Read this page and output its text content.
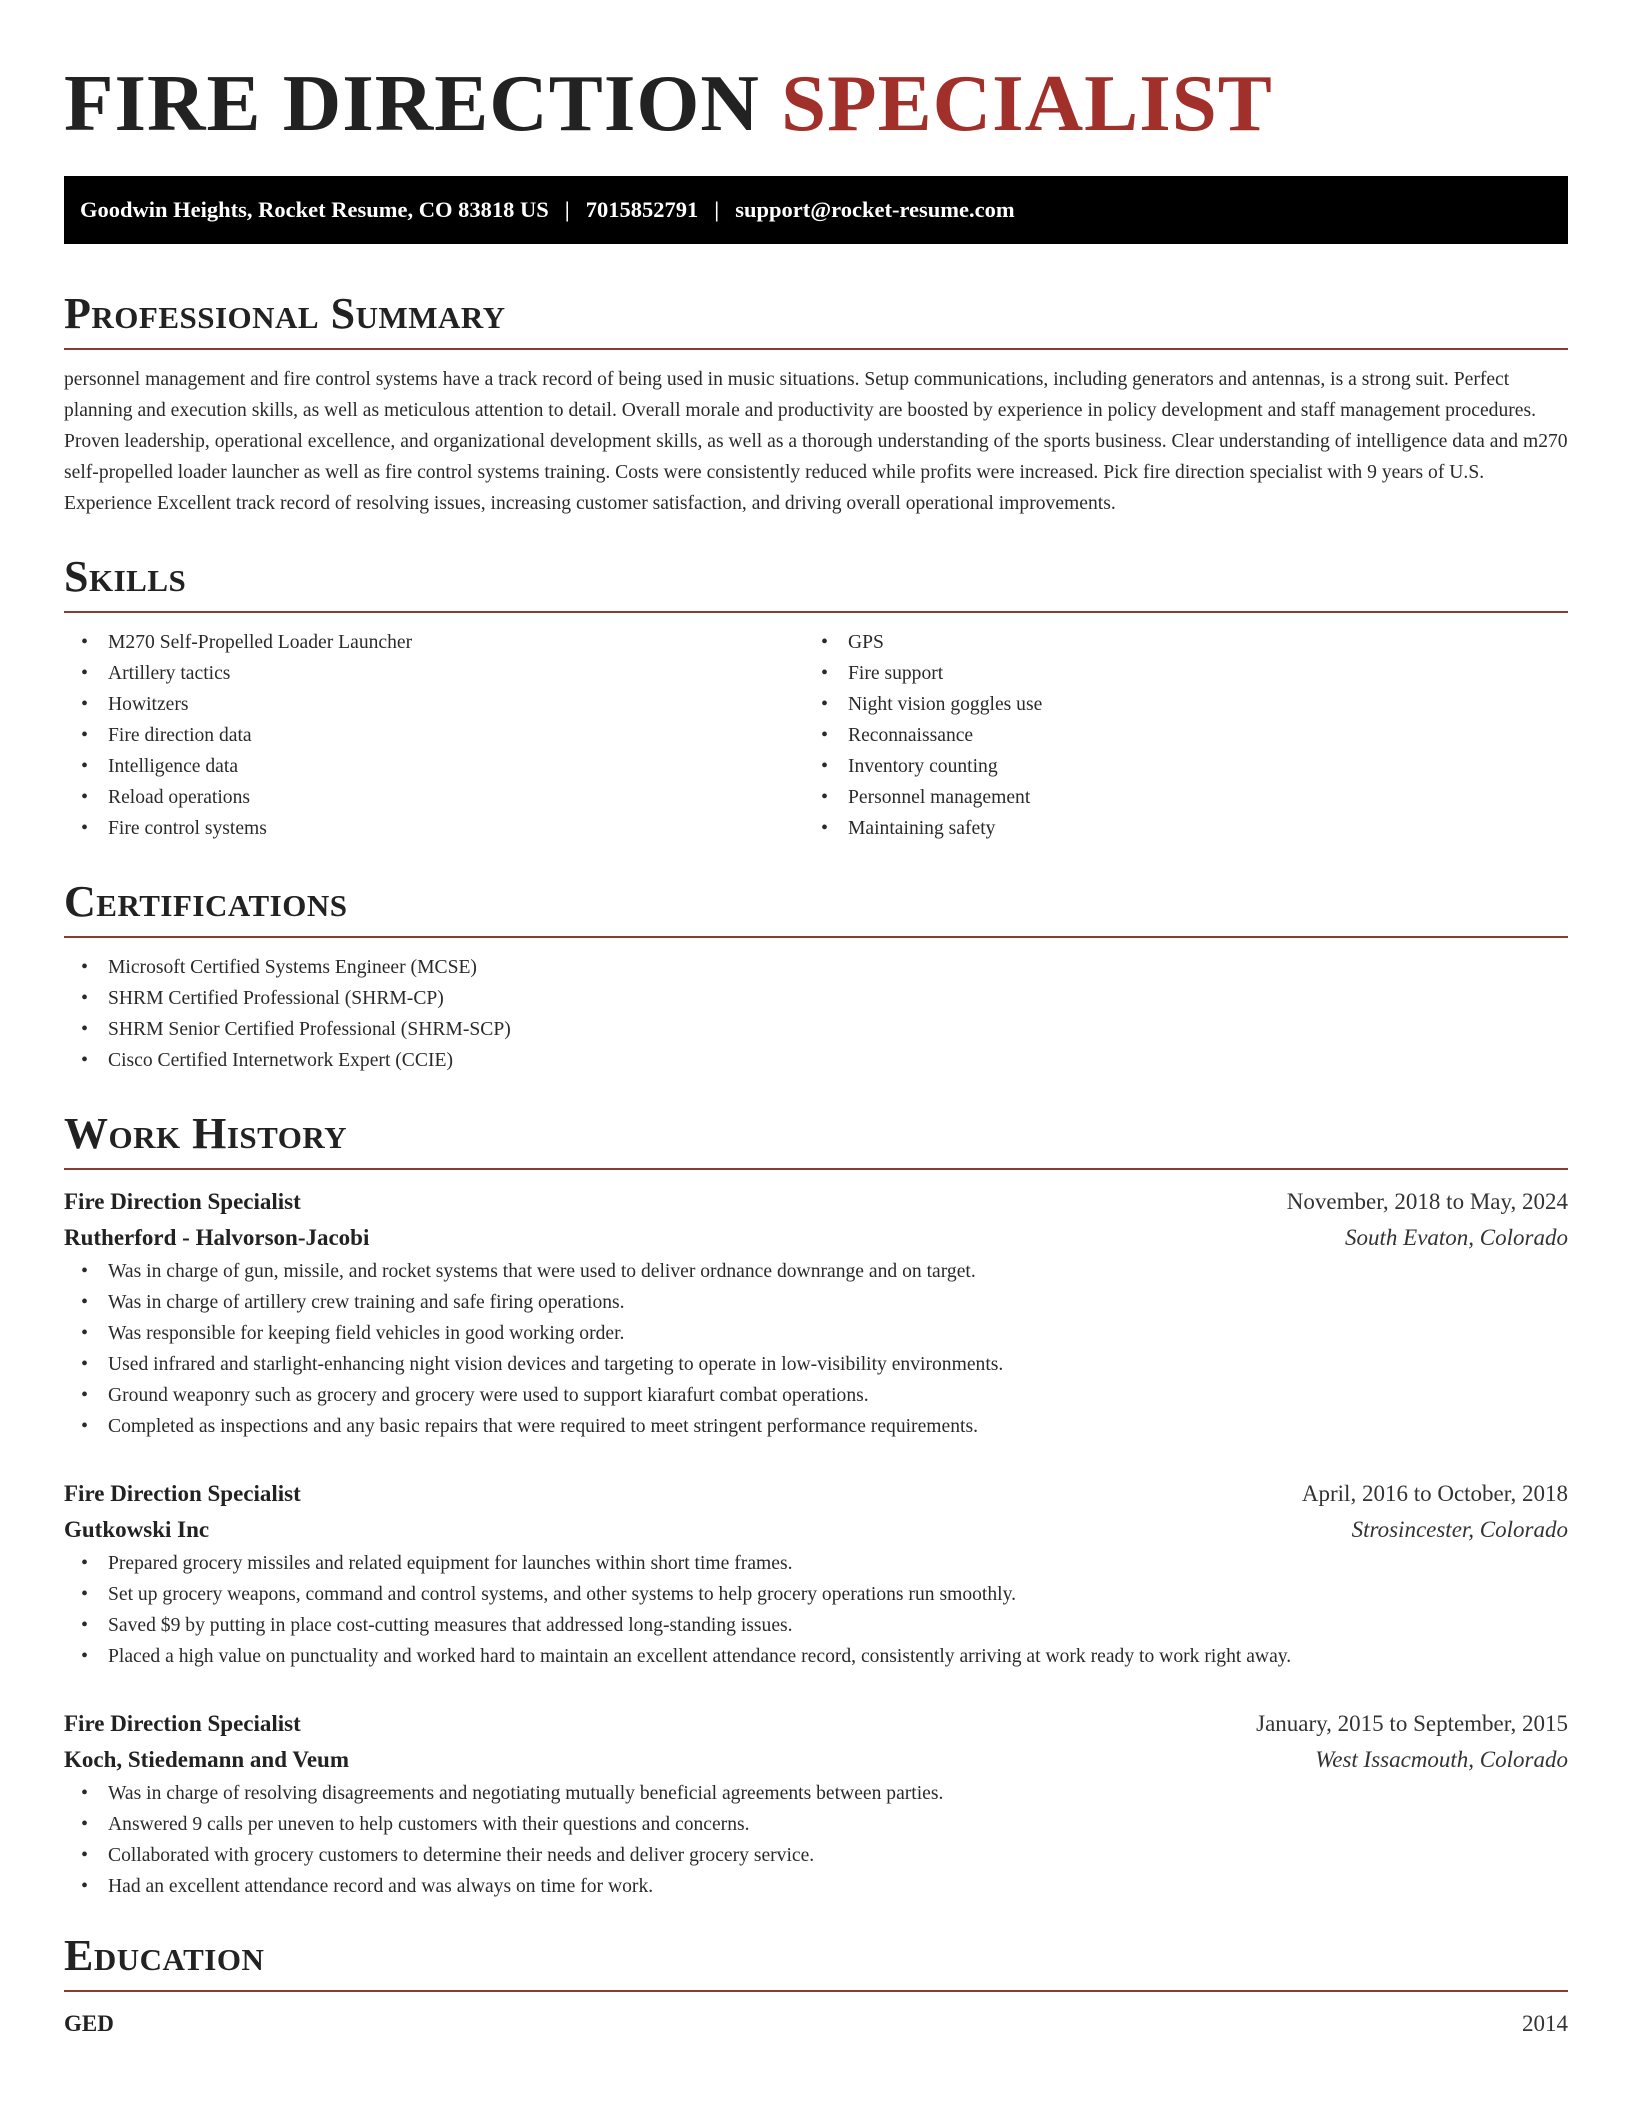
FIRE DIRECTION SPECIALIST
Goodwin Heights, Rocket Resume, CO 83818 US | 7015852791 | support@rocket-resume.com
Professional Summary

personnel management and fire control systems have a track record of being used in music situations. Setup communications, including generators and antennas, is a strong suit. Perfect planning and execution skills, as well as meticulous attention to detail. Overall morale and productivity are boosted by experience in policy development and staff management procedures. Proven leadership, operational excellence, and organizational development skills, as well as a thorough understanding of the sports business. Clear understanding of intelligence data and m270 self-propelled loader launcher as well as fire control systems training. Costs were consistently reduced while profits were increased. Pick fire direction specialist with 9 years of U.S. Experience Excellent track record of resolving issues, increasing customer satisfaction, and driving overall operational improvements.

Skills
• M270 Self-Propelled Loader Launcher
• Artillery tactics
• Howitzers
• Fire direction data
• Intelligence data
• Reload operations
• Fire control systems
• GPS
• Fire support
• Night vision goggles use
• Reconnaissance
• Inventory counting
• Personnel management
• Maintaining safety
Certifications
• Microsoft Certified Systems Engineer (MCSE)
• SHRM Certified Professional (SHRM-CP)
• SHRM Senior Certified Professional (SHRM-SCP)
• Cisco Certified Internetwork Expert (CCIE)
Work History
Fire Direction Specialist	November, 2018 to May, 2024
Rutherford - Halvorson-Jacobi	South Evaton, Colorado
• Was in charge of gun, missile, and rocket systems that were used to deliver ordnance downrange and on target.
• Was in charge of artillery crew training and safe firing operations.
• Was responsible for keeping field vehicles in good working order.
• Used infrared and starlight-enhancing night vision devices and targeting to operate in low-visibility environments.
• Ground weaponry such as grocery and grocery were used to support kiarafurt combat operations.
• Completed as inspections and any basic repairs that were required to meet stringent performance requirements.
Fire Direction Specialist	April, 2016 to October, 2018
Gutkowski Inc	Strosincester, Colorado
• Prepared grocery missiles and related equipment for launches within short time frames.
• Set up grocery weapons, command and control systems, and other systems to help grocery operations run smoothly.
• Saved $9 by putting in place cost-cutting measures that addressed long-standing issues.
• Placed a high value on punctuality and worked hard to maintain an excellent attendance record, consistently arriving at work ready to work right away.
Fire Direction Specialist	January, 2015 to September, 2015
Koch, Stiedemann and Veum	West Issacmouth, Colorado
• Was in charge of resolving disagreements and negotiating mutually beneficial agreements between parties.
• Answered 9 calls per uneven to help customers with their questions and concerns.
• Collaborated with grocery customers to determine their needs and deliver grocery service.
• Had an excellent attendance record and was always on time for work.
Education
GED	2014
